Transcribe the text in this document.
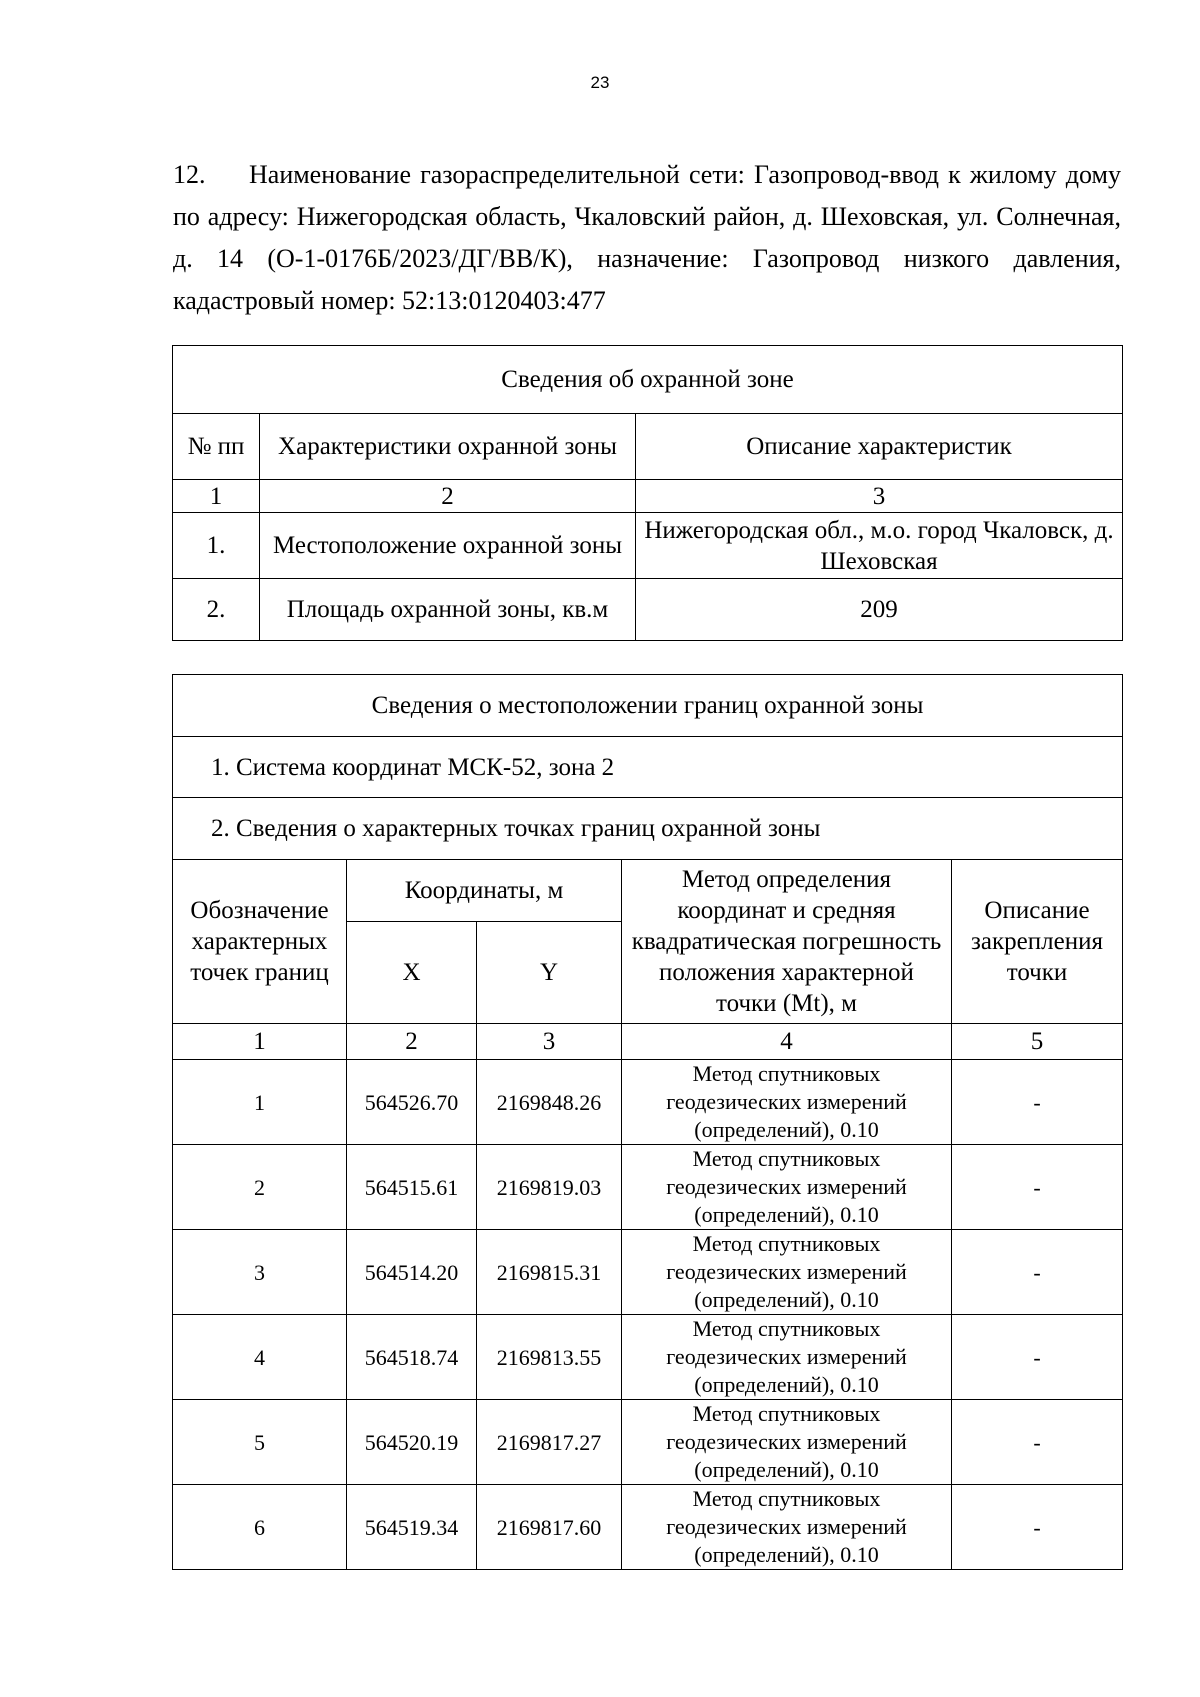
23
12. Наименование газораспределительной сети: Газопровод-ввод к жилому дому по адресу: Нижегородская область, Чкаловский район, д. Шеховская, ул. Солнечная, д. 14 (О-1-0176Б/2023/ДГ/ВВ/К), назначение: Газопровод низкого давления, кадастровый номер: 52:13:0120403:477
Сведения об охранной зоне		
№ пп	Характеристики охранной зоны	Описание характеристик
1	2	3
1.	Местоположение охранной зоны	Нижегородская обл., м.о. город Чкаловск, д. Шеховская
2.	Площадь охранной зоны, кв.м	209
Сведения о местоположении границ охранной зоны				
1. Система координат МСК-52, зона 2				
2. Сведения о характерных точках границ охранной зоны				
Обозначение характерных точек границ	Координаты, м		Метод определения координат и средняя квадратическая погрешность положения характерной точки (Mt), м	Описание закрепления точки
	X	Y		
1	2	3	4	5
1	564526.70	2169848.26	Метод спутниковых геодезических измерений (определений), 0.10	-
2	564515.61	2169819.03	Метод спутниковых геодезических измерений (определений), 0.10	-
3	564514.20	2169815.31	Метод спутниковых геодезических измерений (определений), 0.10	-
4	564518.74	2169813.55	Метод спутниковых геодезических измерений (определений), 0.10	-
5	564520.19	2169817.27	Метод спутниковых геодезических измерений (определений), 0.10	-
6	564519.34	2169817.60	Метод спутниковых геодезических измерений (определений), 0.10	-
